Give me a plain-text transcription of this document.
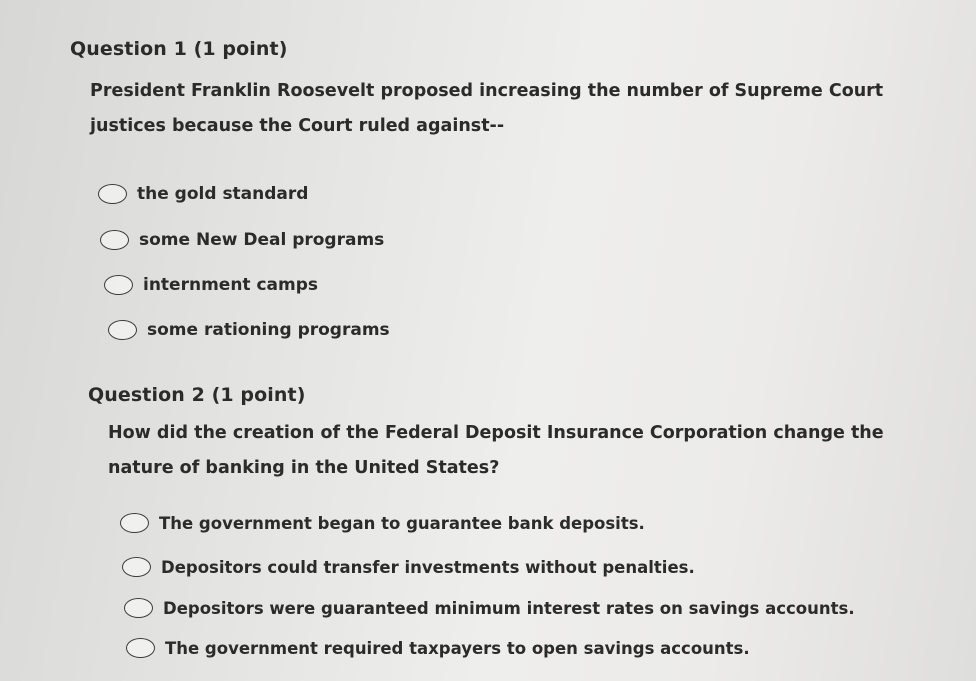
Question 1 (1 point)
President Franklin Roosevelt proposed increasing the number of Supreme Court
justices because the Court ruled against--
the gold standard
some New Deal programs
internment camps
some rationing programs
Question 2 (1 point)
How did the creation of the Federal Deposit Insurance Corporation change the
nature of banking in the United States?
The government began to guarantee bank deposits.
Depositors could transfer investments without penalties.
Depositors were guaranteed minimum interest rates on savings accounts.
The government required taxpayers to open savings accounts.
